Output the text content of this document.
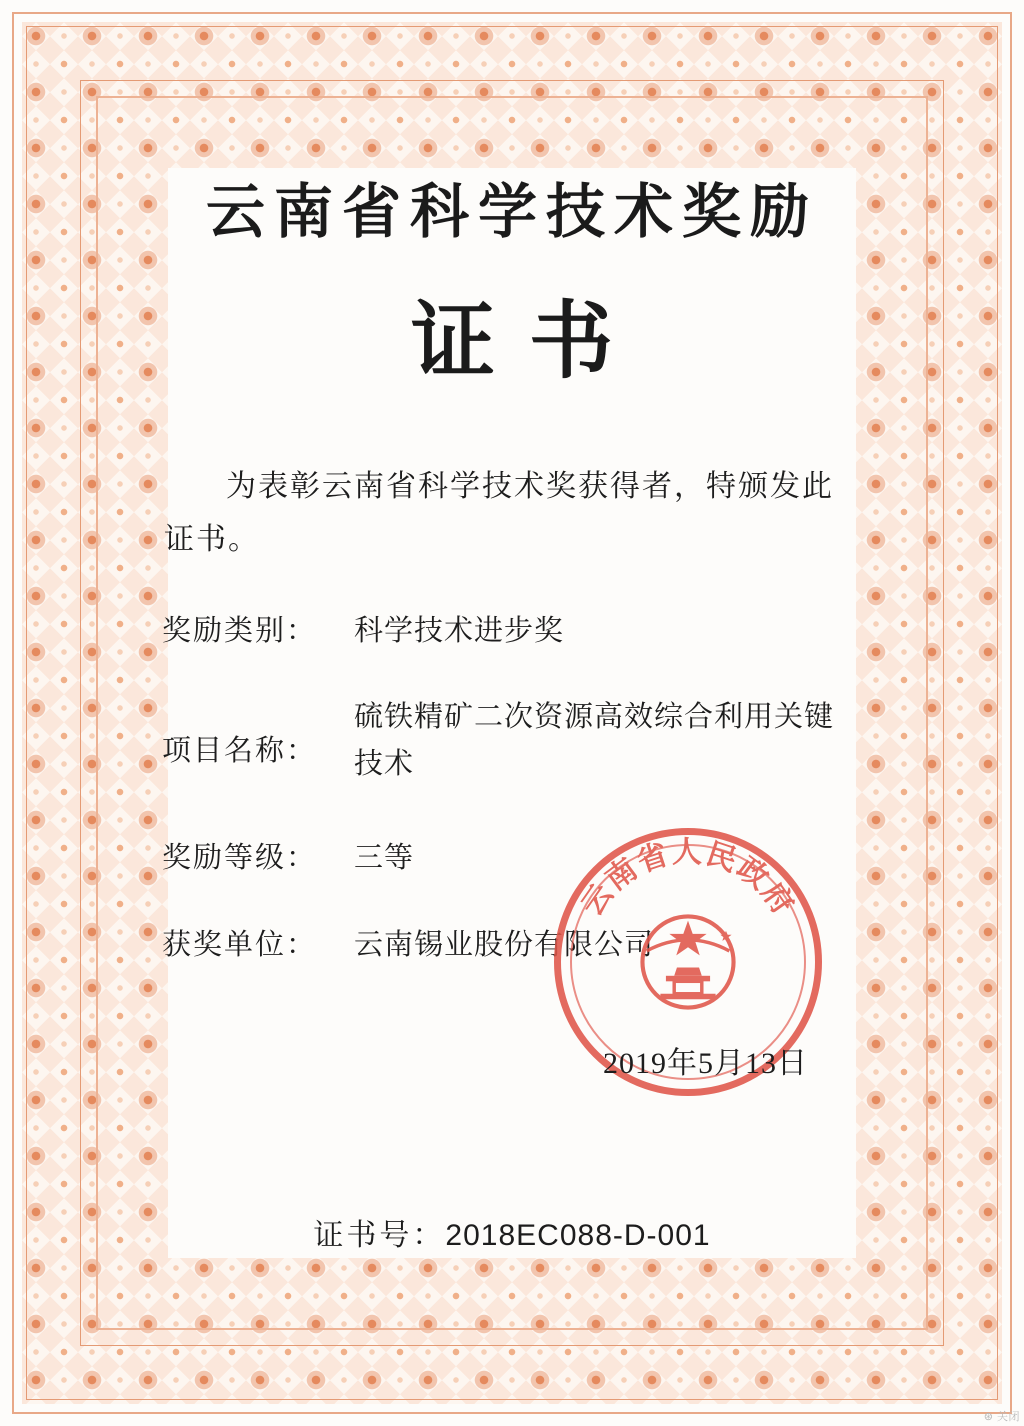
云南省科学技术奖励
证书

为表彰云南省科学技术奖获得者，特颁发此证书。

奖励类别：	科学技术进步奖
项目名称：
硫铁精矿二次资源高效综合利用关键技术
奖励等级：	三等
获奖单位：	云南锡业股份有限公司
云南省人民政府
2019年5月13日
证书号：2018EC088-D-001
⊛ 关闭
